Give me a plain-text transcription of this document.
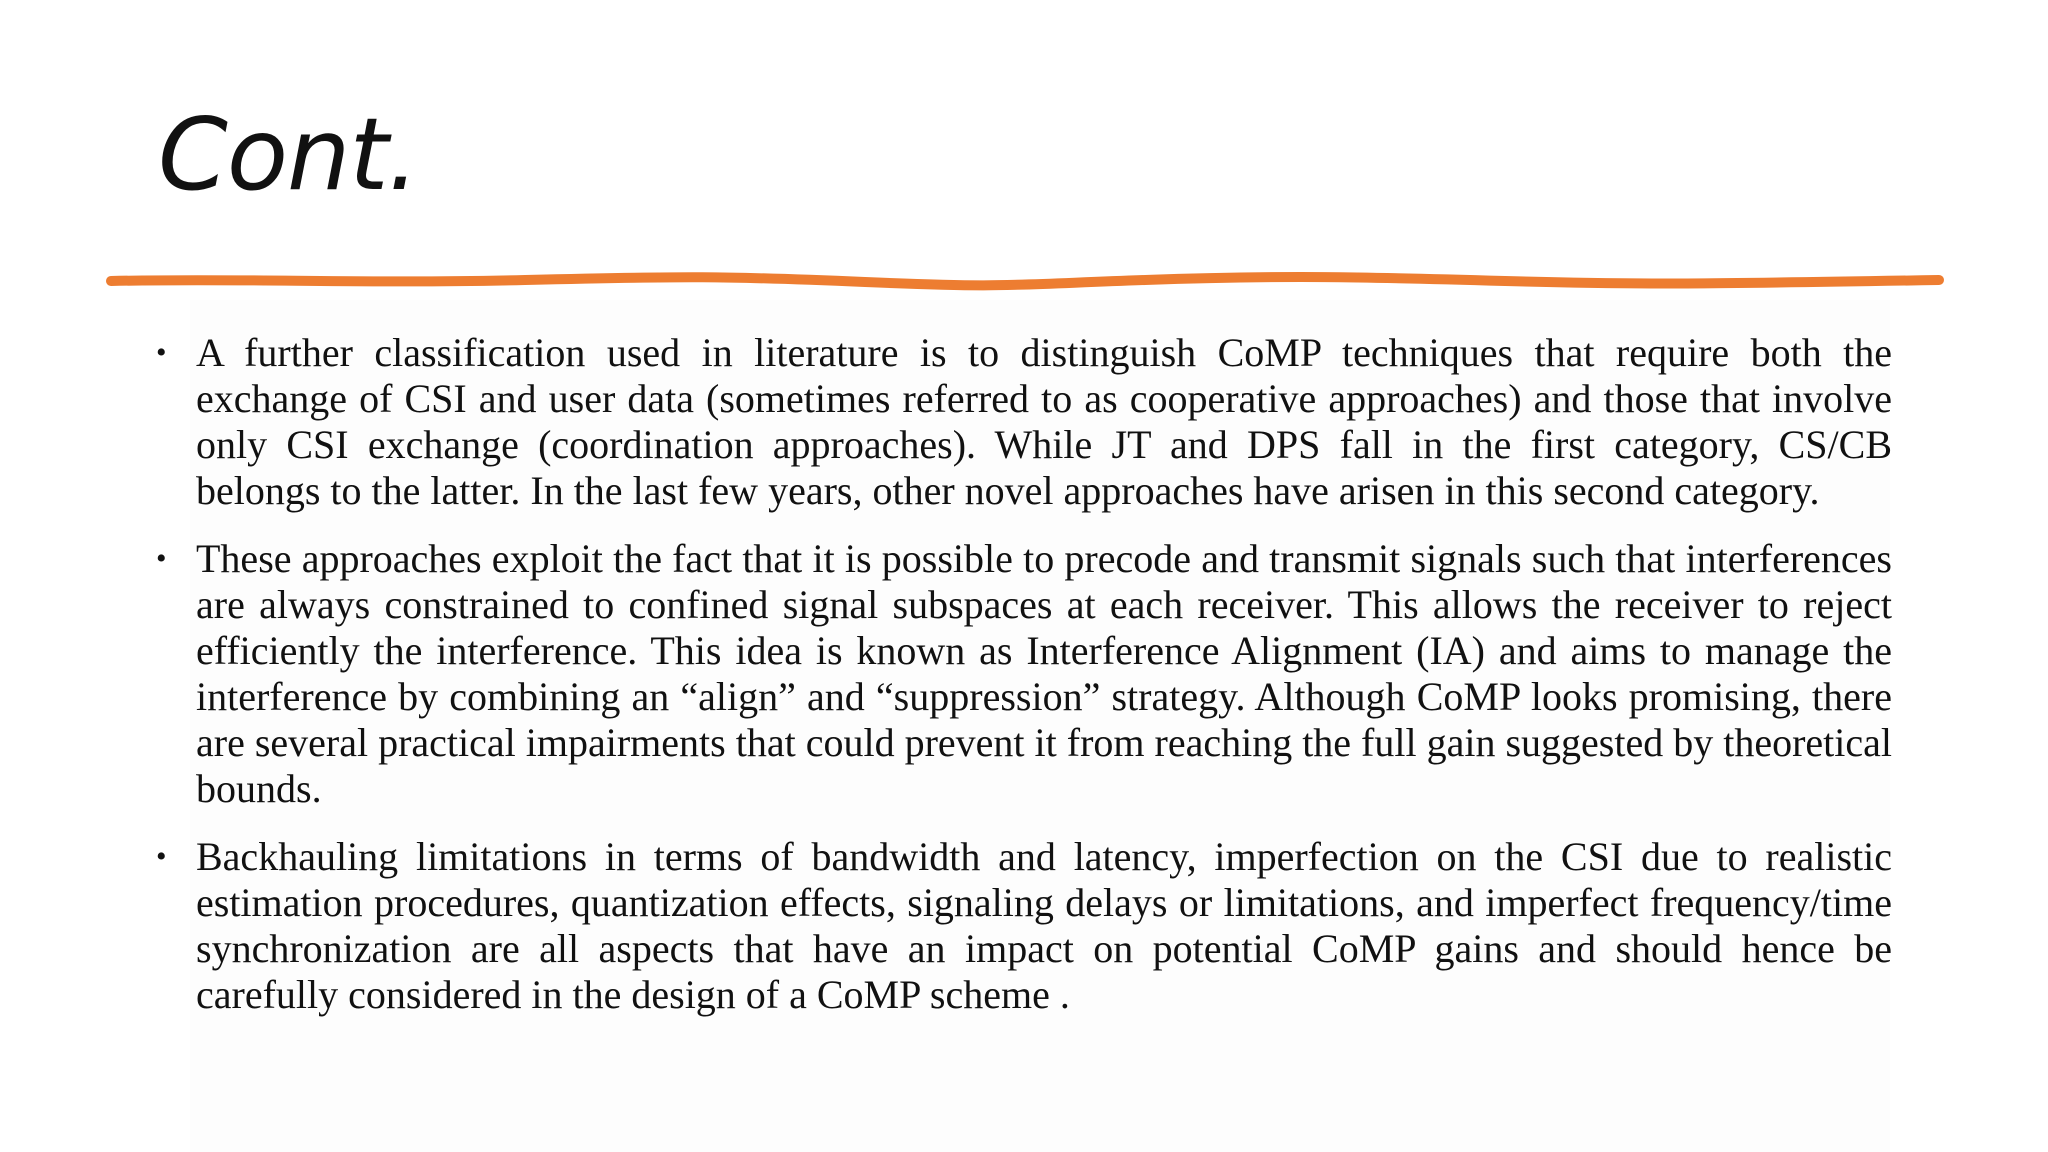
Cont.
• A further classification used in literature is to distinguish CoMP techniques that require both the exchange of CSI and user data (sometimes referred to as cooperative approaches) and those that involve only CSI exchange (coordination approaches). While JT and DPS fall in the first category, CS/CB belongs to the latter. In the last few years, other novel approaches have arisen in this second category.
• These approaches exploit the fact that it is possible to precode and transmit signals such that interferences are always constrained to confined signal subspaces at each receiver. This allows the receiver to reject efficiently the interference. This idea is known as Interference Alignment (IA) and aims to manage the interference by combining an “align” and “suppression” strategy. Although CoMP looks promising, there are several practical impairments that could prevent it from reaching the full gain suggested by theoretical bounds.
• Backhauling limitations in terms of bandwidth and latency, imperfection on the CSI due to realistic estimation procedures, quantization effects, signaling delays or limitations, and imperfect frequency/time synchronization are all aspects that have an impact on potential CoMP gains and should hence be carefully considered in the design of a CoMP scheme .
